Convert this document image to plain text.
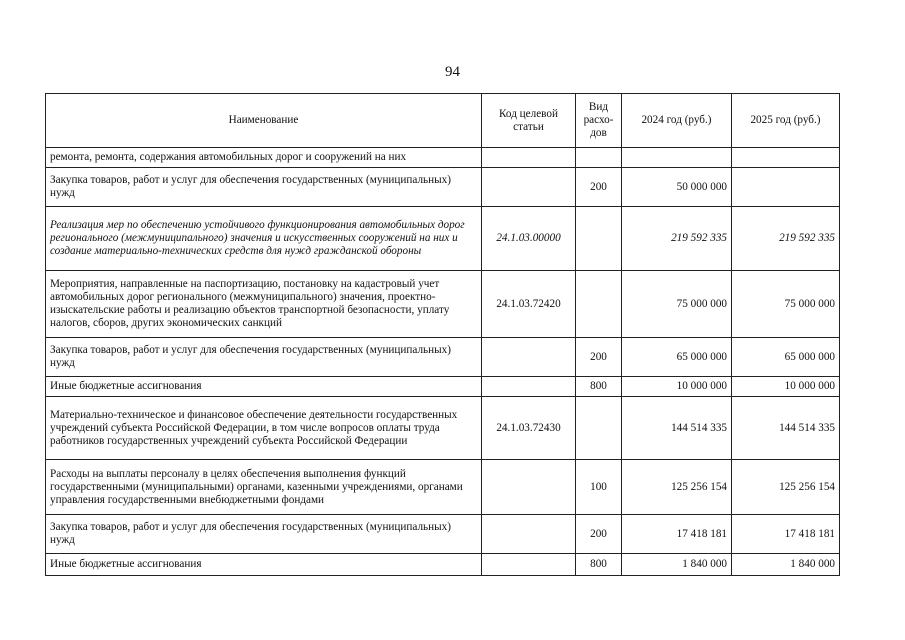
94
Наименование	Код целевой статьи	Вид расхо-дов	2024 год (руб.)	2025 год (руб.)
ремонта, ремонта, содержания автомобильных дорог и сооружений на них				
Закупка товаров, работ и услуг для обеспечения государственных (муниципальных) нужд		200	50 000 000	
Реализация мер по обеспечению устойчивого функционирования автомобильных дорог регионального (межмуниципального) значения и искусственных сооружений на них и создание материально-технических средств для нужд гражданской обороны	24.1.03.00000		219 592 335	219 592 335
Мероприятия, направленные на паспортизацию, постановку на кадастровый учет автомобильных дорог регионального (межмуниципального) значения, проектно-изыскательские работы и реализацию объектов транспортной безопасности, уплату налогов, сборов, других экономических санкций	24.1.03.72420		75 000 000	75 000 000
Закупка товаров, работ и услуг для обеспечения государственных (муниципальных) нужд		200	65 000 000	65 000 000
Иные бюджетные ассигнования		800	10 000 000	10 000 000
Материально-техническое и финансовое обеспечение деятельности государственных учреждений субъекта Российской Федерации, в том числе вопросов оплаты труда работников государственных учреждений субъекта Российской Федерации	24.1.03.72430		144 514 335	144 514 335
Расходы на выплаты персоналу в целях обеспечения выполнения функций государственными (муниципальными) органами, казенными учреждениями, органами управления государственными внебюджетными фондами		100	125 256 154	125 256 154
Закупка товаров, работ и услуг для обеспечения государственных (муниципальных) нужд		200	17 418 181	17 418 181
Иные бюджетные ассигнования		800	1 840 000	1 840 000
